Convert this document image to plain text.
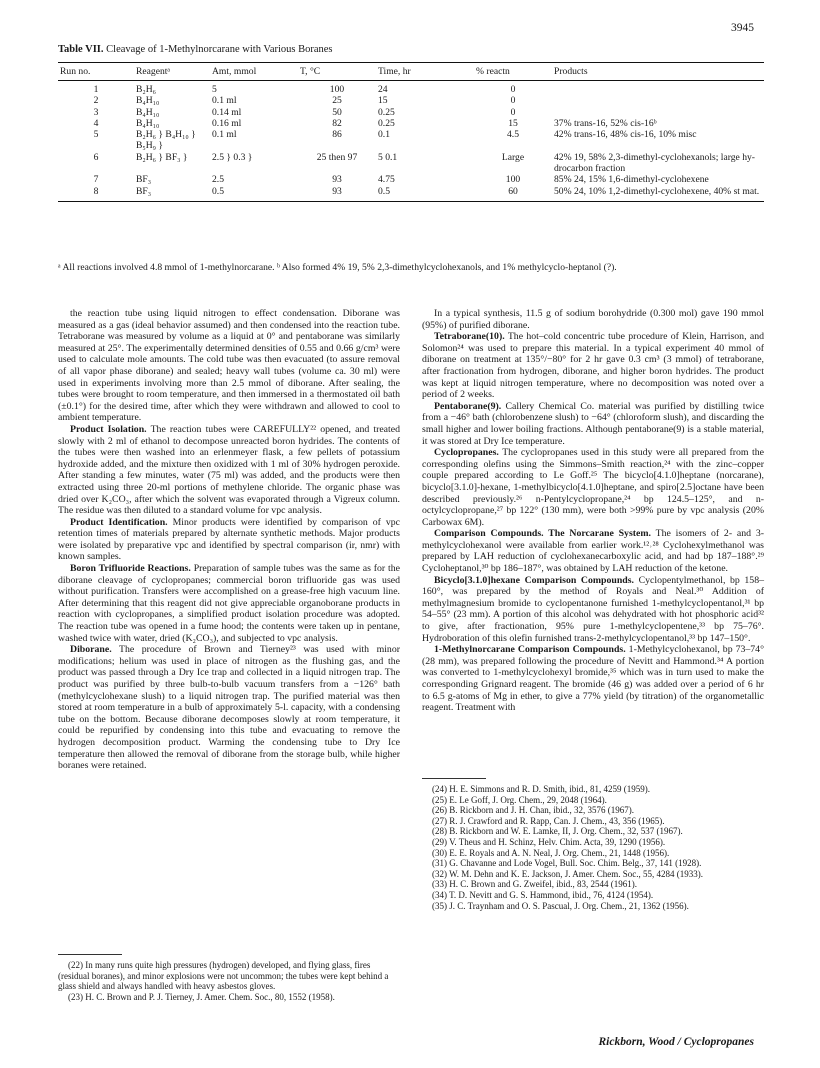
3945
Table VII. Cleavage of 1-Methylnorcarane with Various Boranes
Run no.	Reagentᵃ	Amt, mmol	T, °C	Time, hr	% reactn	Products
1	B₂H₆	5	100	24	0	
2	B₄H₁₀	0.1 ml	25	15	0	
3	B₄H₁₀	0.14 ml	50	0.25	0	
4	B₄H₁₀	0.16 ml	82	0.25	15	37% trans-16, 52% cis-16ᵇ
5	B₂H₆ } B₄H₁₀ } B₅H₉ }	0.1 ml	86	0.1	4.5	42% trans-16, 48% cis-16, 10% misc
6	B₂H₆ } BF₃ }	2.5 } 0.3 }	25 then 97	5 0.1	Large	42% 19, 58% 2,3-dimethyl-cyclohexanols; large hy-drocarbon fraction
7	BF₃	2.5	93	4.75	100	85% 24, 15% 1,6-dimethyl-cyclohexene
8	BF₃	0.5	93	0.5	60	50% 24, 10% 1,2-dimethyl-cyclohexene, 40% st mat.
ᵃ All reactions involved 4.8 mmol of 1-methylnorcarane. ᵇ Also formed 4% 19, 5% 2,3-dimethylcyclohexanols, and 1% methylcyclo-heptanol (?).

the reaction tube using liquid nitrogen to effect condensation. Diborane was measured as a gas (ideal behavior assumed) and then condensed into the reaction tube. Tetraborane was measured by volume as a liquid at 0° and pentaborane was similarly measured at 25°. The experimentally determined densities of 0.55 and 0.66 g/cm³ were used to calculate mole amounts. The cold tube was then evacuated (to assure removal of all vapor phase diborane) and sealed; heavy wall tubes (volume ca. 30 ml) were used in experiments involving more than 2.5 mmol of diborane. After sealing, the tubes were brought to room temperature, and then immersed in a thermostated oil bath (±0.1°) for the desired time, after which they were withdrawn and allowed to cool to ambient temperature.

Product Isolation. The reaction tubes were CAREFULLY²² opened, and treated slowly with 2 ml of ethanol to decompose unreacted boron hydrides. The contents of the tubes were then washed into an erlenmeyer flask, a few pellets of potassium hydroxide added, and the mixture then oxidized with 1 ml of 30% hydrogen peroxide. After standing a few minutes, water (75 ml) was added, and the products were then extracted using three 20-ml portions of methylene chloride. The organic phase was dried over K₂CO₃, after which the solvent was evaporated through a Vigreux column. The residue was then diluted to a standard volume for vpc analysis.

Product Identification. Minor products were identified by comparison of vpc retention times of materials prepared by alternate synthetic methods. Major products were isolated by preparative vpc and identified by spectral comparison (ir, nmr) with known samples.

Boron Trifluoride Reactions. Preparation of sample tubes was the same as for the diborane cleavage of cyclopropanes; commercial boron trifluoride gas was used without purification. Transfers were accomplished on a grease-free high vacuum line. After determining that this reagent did not give appreciable organoborane products in reaction with cyclopropanes, a simplified product isolation procedure was adopted. The reaction tube was opened in a fume hood; the contents were taken up in pentane, washed twice with water, dried (K₂CO₃), and subjected to vpc analysis.

Diborane. The procedure of Brown and Tierney²³ was used with minor modifications; helium was used in place of nitrogen as the flushing gas, and the product was passed through a Dry Ice trap and collected in a liquid nitrogen trap. The product was purified by three bulb-to-bulb vacuum transfers from a −126° bath (methylcyclohexane slush) to a liquid nitrogen trap. The purified material was then stored at room temperature in a bulb of approximately 5-l. capacity, with a condensing tube on the bottom. Because diborane decomposes slowly at room temperature, it could be repurified by condensing into this tube and evacuating to remove the hydrogen decomposition product. Warming the condensing tube to Dry Ice temperature then allowed the removal of diborane from the storage bulb, while higher boranes were retained.

In a typical synthesis, 11.5 g of sodium borohydride (0.300 mol) gave 190 mmol (95%) of purified diborane.

Tetraborane(10). The hot–cold concentric tube procedure of Klein, Harrison, and Solomon²⁴ was used to prepare this material. In a typical experiment 40 mmol of diborane on treatment at 135°/−80° for 2 hr gave 0.3 cm³ (3 mmol) of tetraborane, after fractionation from hydrogen, diborane, and higher boron hydrides. The product was kept at liquid nitrogen temperature, where no decomposition was noted over a period of 2 weeks.

Pentaborane(9). Callery Chemical Co. material was purified by distilling twice from a −46° bath (chlorobenzene slush) to −64° (chloroform slush), and discarding the small higher and lower boiling fractions. Although pentaborane(9) is a stable material, it was stored at Dry Ice temperature.

Cyclopropanes. The cyclopropanes used in this study were all prepared from the corresponding olefins using the Simmons–Smith reaction,²⁴ with the zinc–copper couple prepared according to Le Goff.²⁵ The bicyclo[4.1.0]heptane (norcarane), bicyclo[3.1.0]-hexane, 1-methylbicyclo[4.1.0]heptane, and spiro[2.5]octane have been described previously.²⁶ n-Pentylcyclopropane,²⁴ bp 124.5–125°, and n-octylcyclopropane,²⁷ bp 122° (130 mm), were both >99% pure by vpc analysis (20% Carbowax 6M).

Comparison Compounds. The Norcarane System. The isomers of 2- and 3-methylcyclohexanol were available from earlier work.¹²˒²⁸ Cyclohexylmethanol was prepared by LAH reduction of cyclohexanecarboxylic acid, and had bp 187–188°.²⁹ Cycloheptanol,³⁰ bp 186–187°, was obtained by LAH reduction of the ketone.

Bicyclo[3.1.0]hexane Comparison Compounds. Cyclopentylmethanol, bp 158–160°, was prepared by the method of Royals and Neal.³⁰ Addition of methylmagnesium bromide to cyclopentanone furnished 1-methylcyclopentanol,³¹ bp 54–55° (23 mm). A portion of this alcohol was dehydrated with hot phosphoric acid³² to give, after fractionation, 95% pure 1-methylcyclopentene,³³ bp 75–76°. Hydroboration of this olefin furnished trans-2-methylcyclopentanol,³³ bp 147–150°.

1-Methylnorcarane Comparison Compounds. 1-Methylcyclohexanol, bp 73–74° (28 mm), was prepared following the procedure of Nevitt and Hammond.³⁴ A portion was converted to 1-methylcyclohexyl bromide,³⁵ which was in turn used to make the corresponding Grignard reagent. The bromide (46 g) was added over a period of 6 hr to 6.5 g-atoms of Mg in ether, to give a 77% yield (by titration) of the organometallic reagent. Treatment with

(22) In many runs quite high pressures (hydrogen) developed, and flying glass, fires (residual boranes), and minor explosions were not uncommon; the tubes were kept behind a glass shield and always handled with heavy asbestos gloves.

(23) H. C. Brown and P. J. Tierney, J. Amer. Chem. Soc., 80, 1552 (1958).

(24) H. E. Simmons and R. D. Smith, ibid., 81, 4259 (1959).

(25) E. Le Goff, J. Org. Chem., 29, 2048 (1964).

(26) B. Rickborn and J. H. Chan, ibid., 32, 3576 (1967).

(27) R. J. Crawford and R. Rapp, Can. J. Chem., 43, 356 (1965).

(28) B. Rickborn and W. E. Lamke, II, J. Org. Chem., 32, 537 (1967).

(29) V. Theus and H. Schinz, Helv. Chim. Acta, 39, 1290 (1956).

(30) E. E. Royals and A. N. Neal, J. Org. Chem., 21, 1448 (1956).

(31) G. Chavanne and Lode Vogel, Bull. Soc. Chim. Belg., 37, 141 (1928).

(32) W. M. Dehn and K. E. Jackson, J. Amer. Chem. Soc., 55, 4284 (1933).

(33) H. C. Brown and G. Zweifel, ibid., 83, 2544 (1961).

(34) T. D. Nevitt and G. S. Hammond, ibid., 76, 4124 (1954).

(35) J. C. Traynham and O. S. Pascual, J. Org. Chem., 21, 1362 (1956).

Rickborn, Wood / Cyclopropanes
